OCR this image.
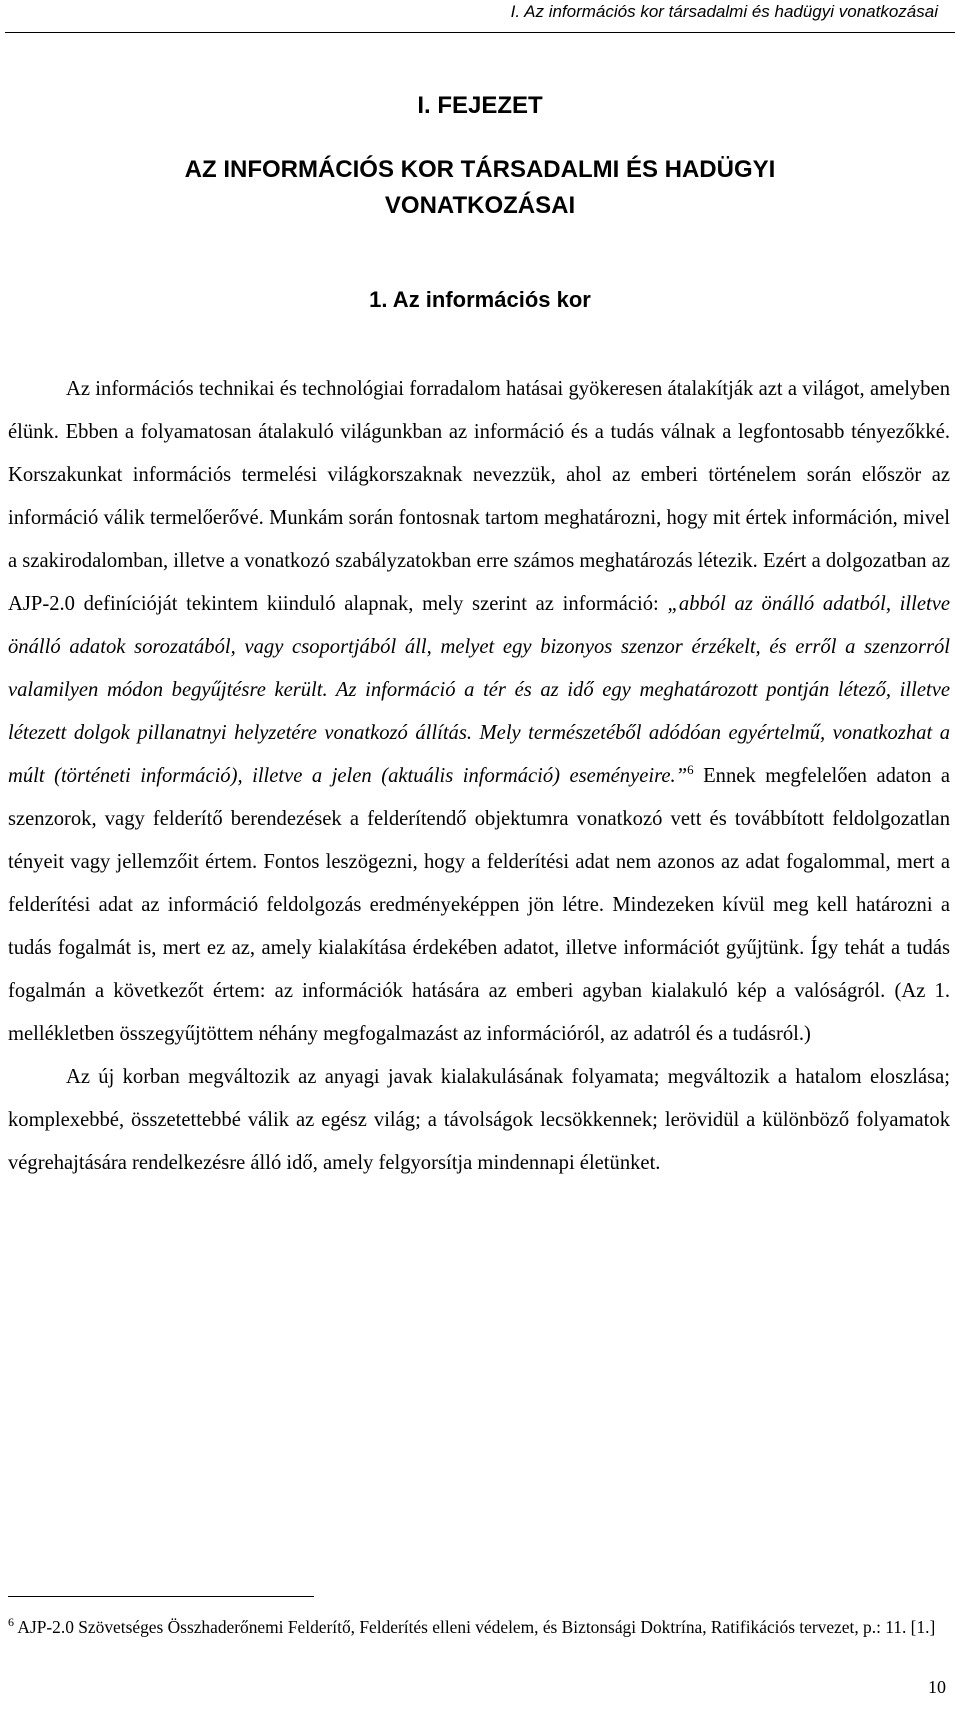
I. Az információs kor társadalmi és hadügyi vonatkozásai
I. FEJEZET
AZ INFORMÁCIÓS KOR TÁRSADALMI ÉS HADÜGYI VONATKOZÁSAI
1. Az információs kor

Az információs technikai és technológiai forradalom hatásai gyökeresen átalakítják azt a világot, amelyben élünk. Ebben a folyamatosan átalakuló világunkban az információ és a tudás válnak a legfontosabb tényezőkké. Korszakunkat információs termelési világkorszaknak nevezzük, ahol az emberi történelem során először az információ válik termelőerővé. Munkám során fontosnak tartom meghatározni, hogy mit értek információn, mivel a szakirodalomban, illetve a vonatkozó szabályzatokban erre számos meghatározás létezik. Ezért a dolgozatban az AJP-2.0 definícióját tekintem kiinduló alapnak, mely szerint az információ: „abból az önálló adatból, illetve önálló adatok sorozatából, vagy csoportjából áll, melyet egy bizonyos szenzor érzékelt, és erről a szenzorról valamilyen módon begyűjtésre került. Az információ a tér és az idő egy meghatározott pontján létező, illetve létezett dolgok pillanatnyi helyzetére vonatkozó állítás. Mely természetéből adódóan egyértelmű, vonatkozhat a múlt (történeti információ), illetve a jelen (aktuális információ) eseményeire.”$^6$ Ennek megfelelően adaton a szenzorok, vagy felderítő berendezések a felderítendő objektumra vonatkozó vett és továbbított feldolgozatlan tényeit vagy jellemzőit értem. Fontos leszögezni, hogy a felderítési adat nem azonos az adat fogalommal, mert a felderítési adat az információ feldolgozás eredményeképpen jön létre. Mindezeken kívül meg kell határozni a tudás fogalmát is, mert ez az, amely kialakítása érdekében adatot, illetve információt gyűjtünk. Így tehát a tudás fogalmán a következőt értem: az információk hatására az emberi agyban kialakuló kép a valóságról. (Az 1. mellékletben összegyűjtöttem néhány megfogalmazást az információról, az adatról és a tudásról.)

Az új korban megváltozik az anyagi javak kialakulásának folyamata; megváltozik a hatalom eloszlása; komplexebbé, összetettebbé válik az egész világ; a távolságok lecsökkennek; lerövidül a különböző folyamatok végrehajtására rendelkezésre álló idő, amely felgyorsítja mindennapi életünket.

$^6$ AJP-2.0 Szövetséges Összhaderőnemi Felderítő, Felderítés elleni védelem, és Biztonsági Doktrína, Ratifikációs tervezet, p.: 11. [1.]

10
